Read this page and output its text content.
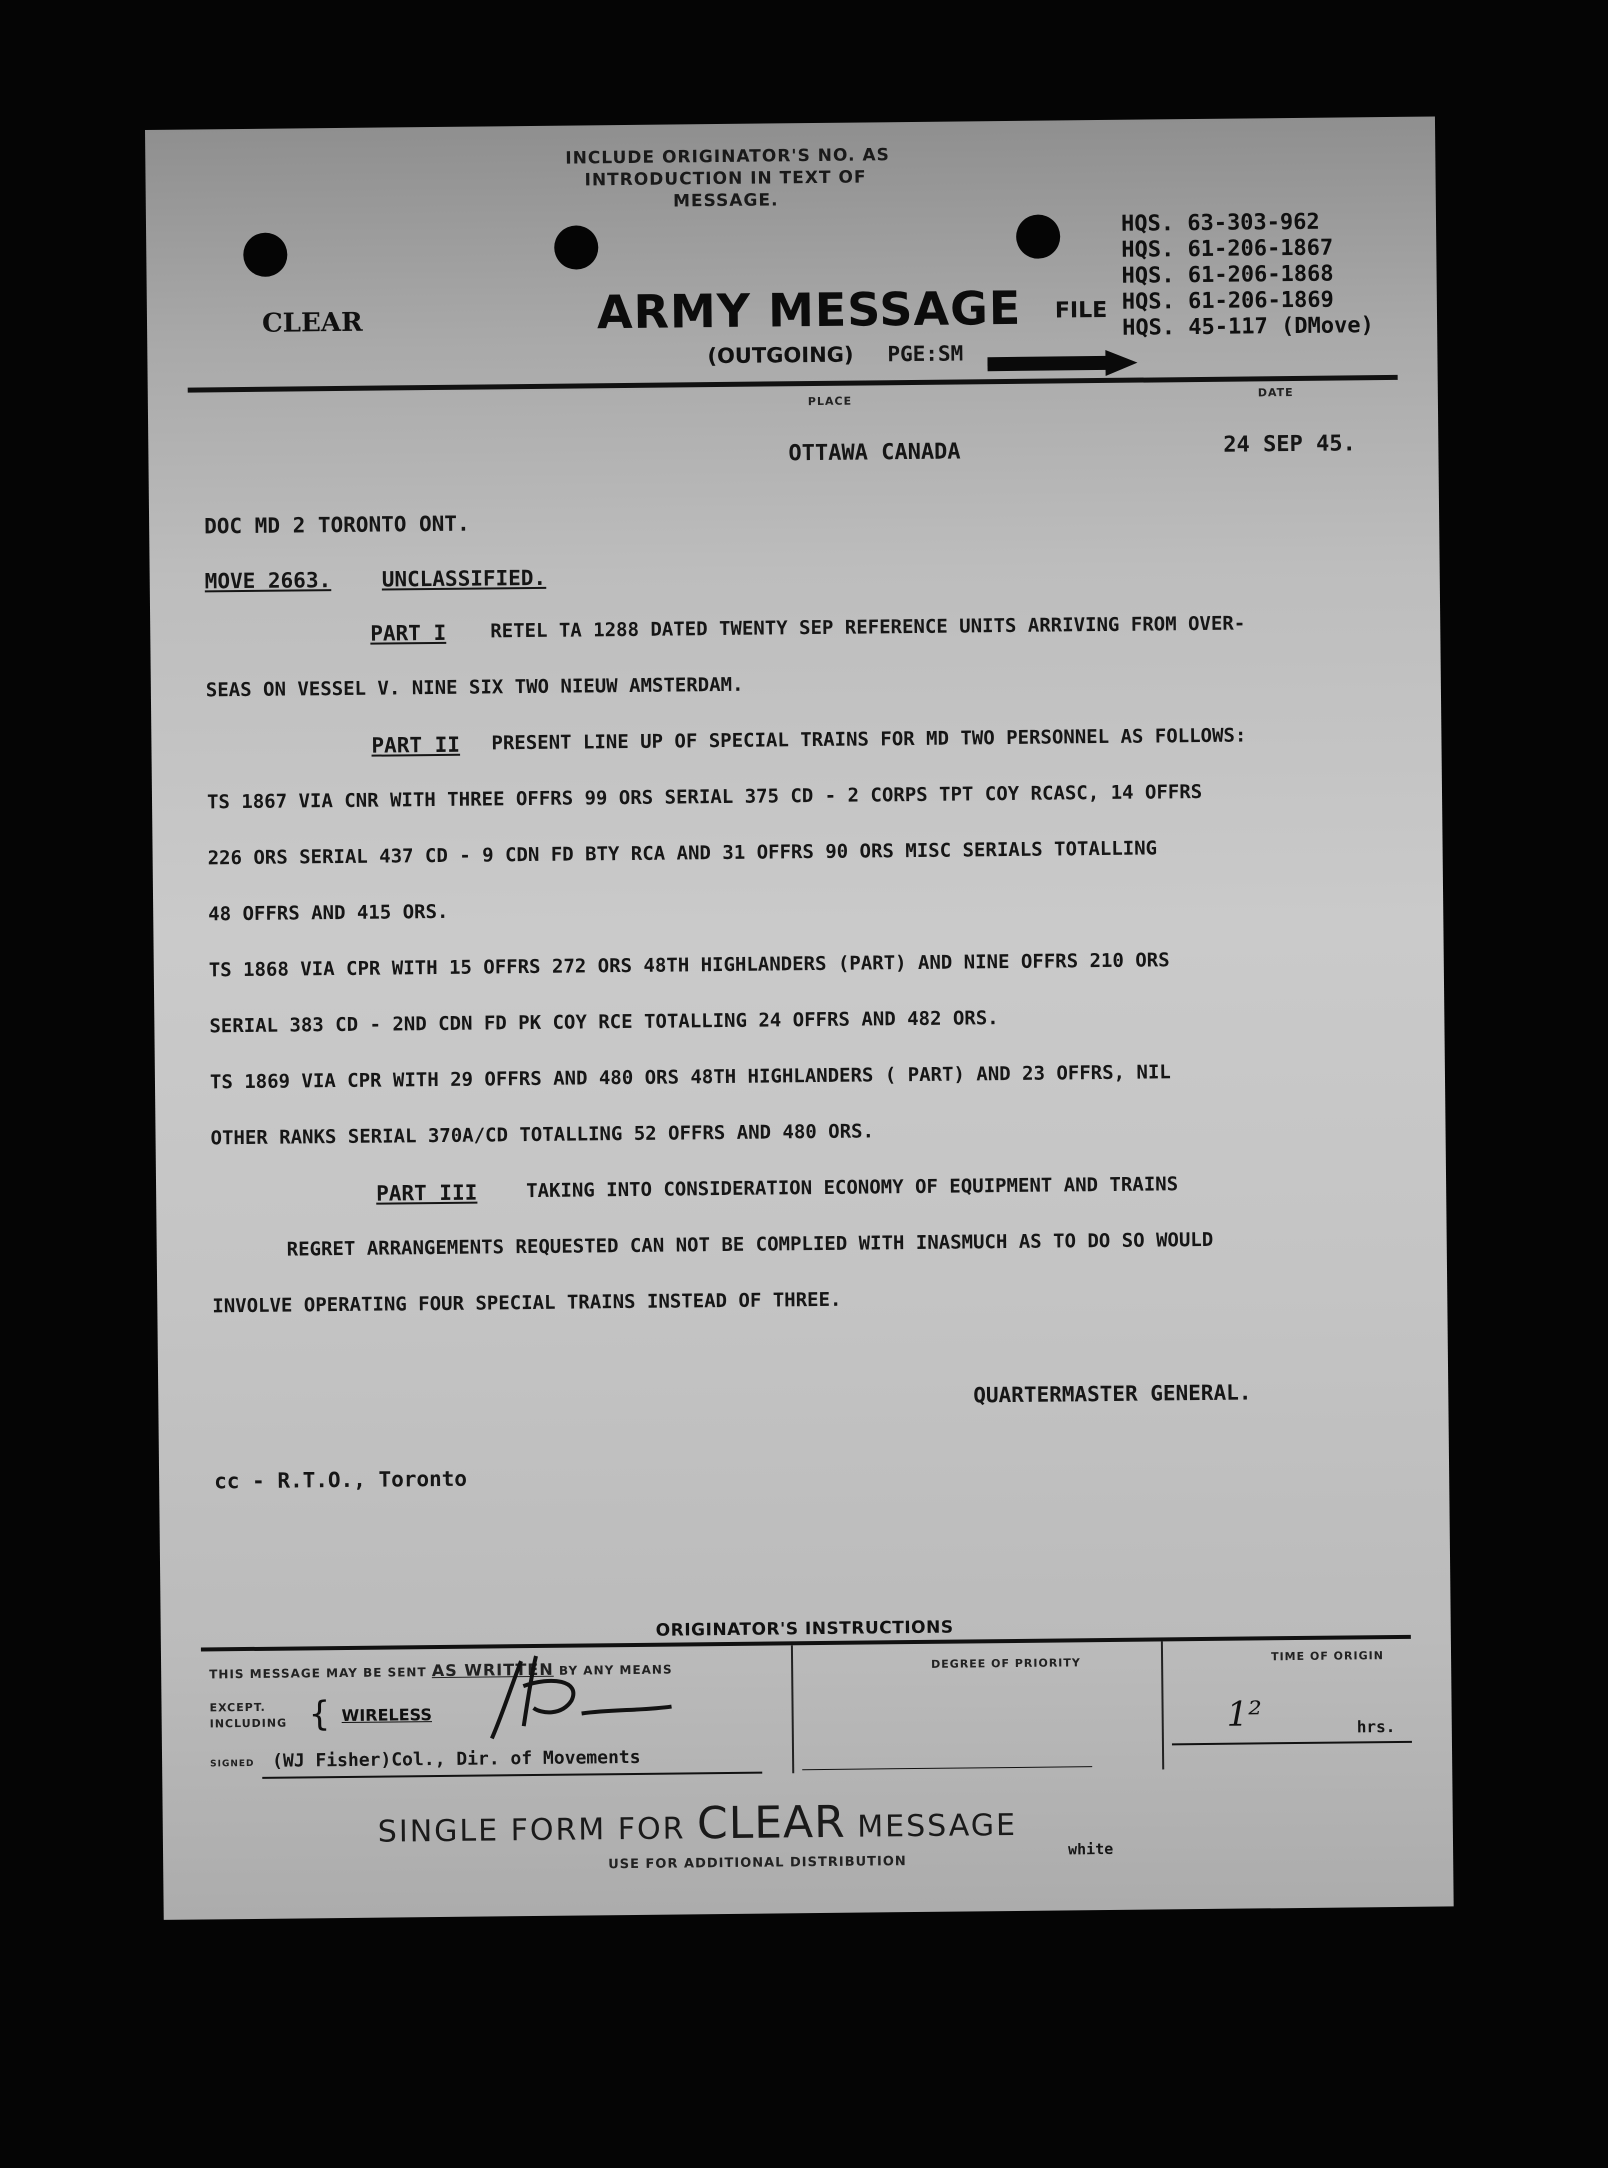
INCLUDE ORIGINATOR'S NO. AS
INTRODUCTION IN TEXT OF
MESSAGE.
CLEAR	ARMY MESSAGE
(OUTGOING) PGE:SM
FILE
HQS. 63-303-962
HQS. 61-206-1867
HQS. 61-206-1868
HQS. 61-206-1869
HQS. 45-117 (DMove)
PLACE
DATE
OTTAWA CANADA	24 SEP 45.
DOC MD 2 TORONTO ONT.
MOVE 2663. UNCLASSIFIED.
PART I RETEL TA 1288 DATED TWENTY SEP REFERENCE UNITS ARRIVING FROM OVER-
SEAS ON VESSEL V. NINE SIX TWO NIEUW AMSTERDAM.
PART II PRESENT LINE UP OF SPECIAL TRAINS FOR MD TWO PERSONNEL AS FOLLOWS:
TS 1867 VIA CNR WITH THREE OFFRS 99 ORS SERIAL 375 CD - 2 CORPS TPT COY RCASC, 14 OFFRS
226 ORS SERIAL 437 CD - 9 CDN FD BTY RCA AND 31 OFFRS 90 ORS MISC SERIALS TOTALLING
48 OFFRS AND 415 ORS.
TS 1868 VIA CPR WITH 15 OFFRS 272 ORS 48TH HIGHLANDERS (PART) AND NINE OFFRS 210 ORS
SERIAL 383 CD - 2ND CDN FD PK COY RCE TOTALLING 24 OFFRS AND 482 ORS.
TS 1869 VIA CPR WITH 29 OFFRS AND 480 ORS 48TH HIGHLANDERS ( PART) AND 23 OFFRS, NIL
OTHER RANKS SERIAL 370A/CD TOTALLING 52 OFFRS AND 480 ORS.
PART III	TAKING INTO CONSIDERATION ECONOMY OF EQUIPMENT AND TRAINS
REGRET ARRANGEMENTS REQUESTED CAN NOT BE COMPLIED WITH INASMUCH AS TO DO SO WOULD
INVOLVE OPERATING FOUR SPECIAL TRAINS INSTEAD OF THREE.
QUARTERMASTER GENERAL.
cc - R.T.O., Toronto
ORIGINATOR'S INSTRUCTIONS
THIS MESSAGE MAY BE SENT AS WRITTEN BY ANY MEANS
EXCEPT.
INCLUDING { WIRELESS
SIGNED (WJ Fisher)Col., Dir. of Movements
DEGREE OF PRIORITY
TIME OF ORIGIN
1²	hrs.
SINGLE FORM FOR CLEAR MESSAGE
USE FOR ADDITIONAL DISTRIBUTION
white
